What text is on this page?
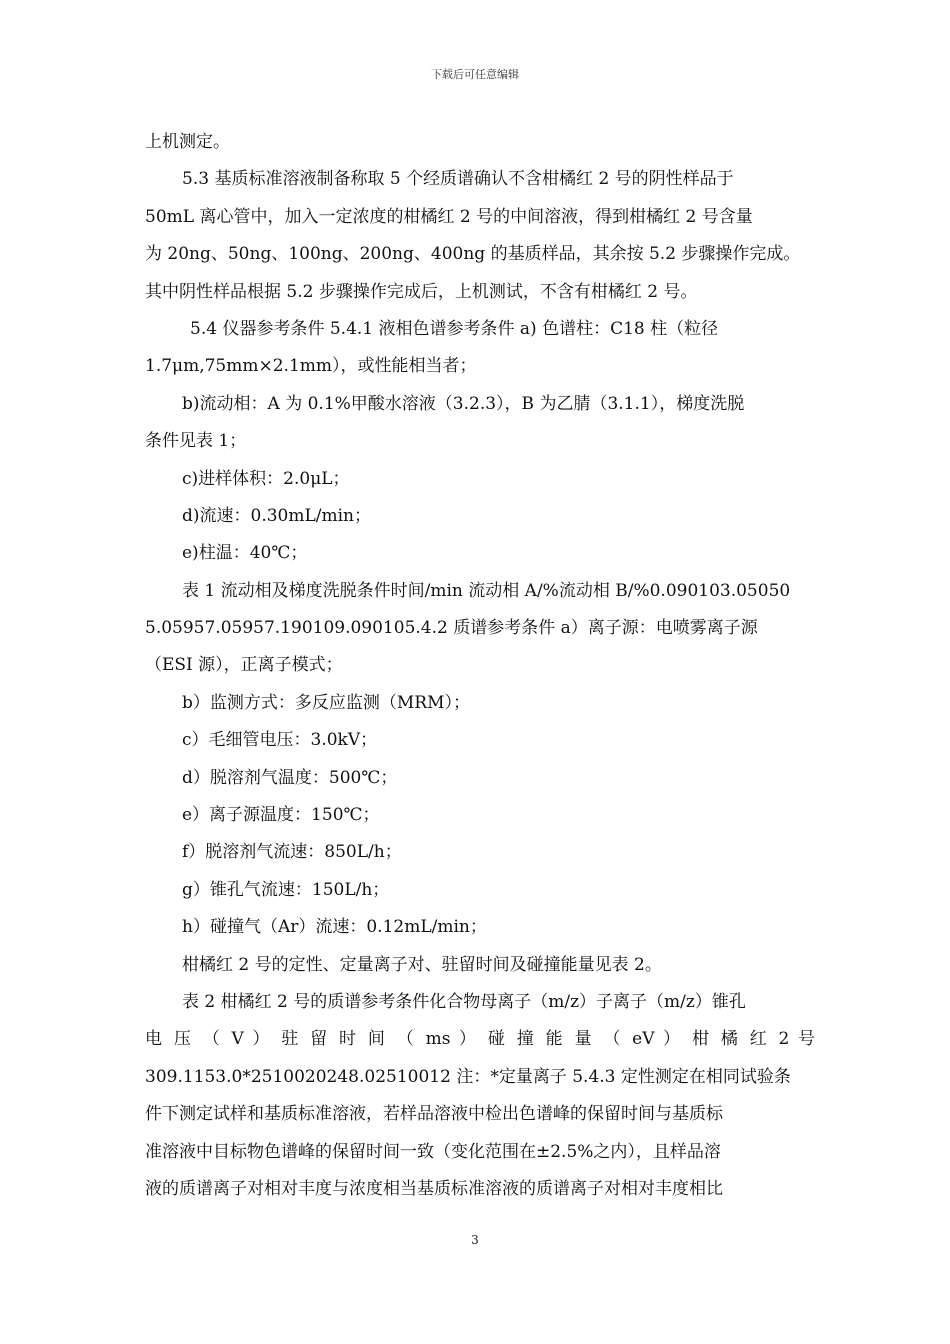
下载后可任意编辑
上机测定。
5.3 基质标准溶液制备称取 5 个经质谱确认不含柑橘红 2 号的阴性样品于
50mL 离心管中，加入一定浓度的柑橘红 2 号的中间溶液，得到柑橘红 2 号含量
为 20ng、50ng、100ng、200ng、400ng 的基质样品，其余按 5.2 步骤操作完成。
其中阴性样品根据 5.2 步骤操作完成后，上机测试，不含有柑橘红 2 号。
5.4 仪器参考条件 5.4.1 液相色谱参考条件 a) 色谱柱：C18 柱（粒径
1.7μm,75mm×2.1mm），或性能相当者；
b)流动相：A 为 0.1%甲酸水溶液（3.2.3），B 为乙腈（3.1.1），梯度洗脱
条件见表 1；
c)进样体积：2.0μL；
d)流速：0.30mL/min；
e)柱温：40℃；
表 1 流动相及梯度洗脱条件时间/min 流动相 A/%流动相 B/%0.090103.05050
5.05957.05957.190109.090105.4.2 质谱参考条件 a）离子源：电喷雾离子源
（ESI 源），正离子模式；
b）监测方式：多反应监测（MRM）；
c）毛细管电压：3.0kV；
d）脱溶剂气温度：500℃；
e）离子源温度：150℃；
f）脱溶剂气流速：850L/h；
g）锥孔气流速：150L/h；
h）碰撞气（Ar）流速：0.12mL/min；
柑橘红 2 号的定性、定量离子对、驻留时间及碰撞能量见表 2。
表 2 柑橘红 2 号的质谱参考条件化合物母离子（m/z）子离子（m/z）锥孔
电 压 （ V ） 驻 留 时 间 （ ms ） 碰 撞 能 量 （ eV ） 柑 橘 红 2 号
309.1153.0*2510020248.02510012 注：*定量离子 5.4.3 定性测定在相同试验条
件下测定试样和基质标准溶液，若样品溶液中检出色谱峰的保留时间与基质标
准溶液中目标物色谱峰的保留时间一致（变化范围在±2.5%之内），且样品溶
液的质谱离子对相对丰度与浓度相当基质标准溶液的质谱离子对相对丰度相比
3
